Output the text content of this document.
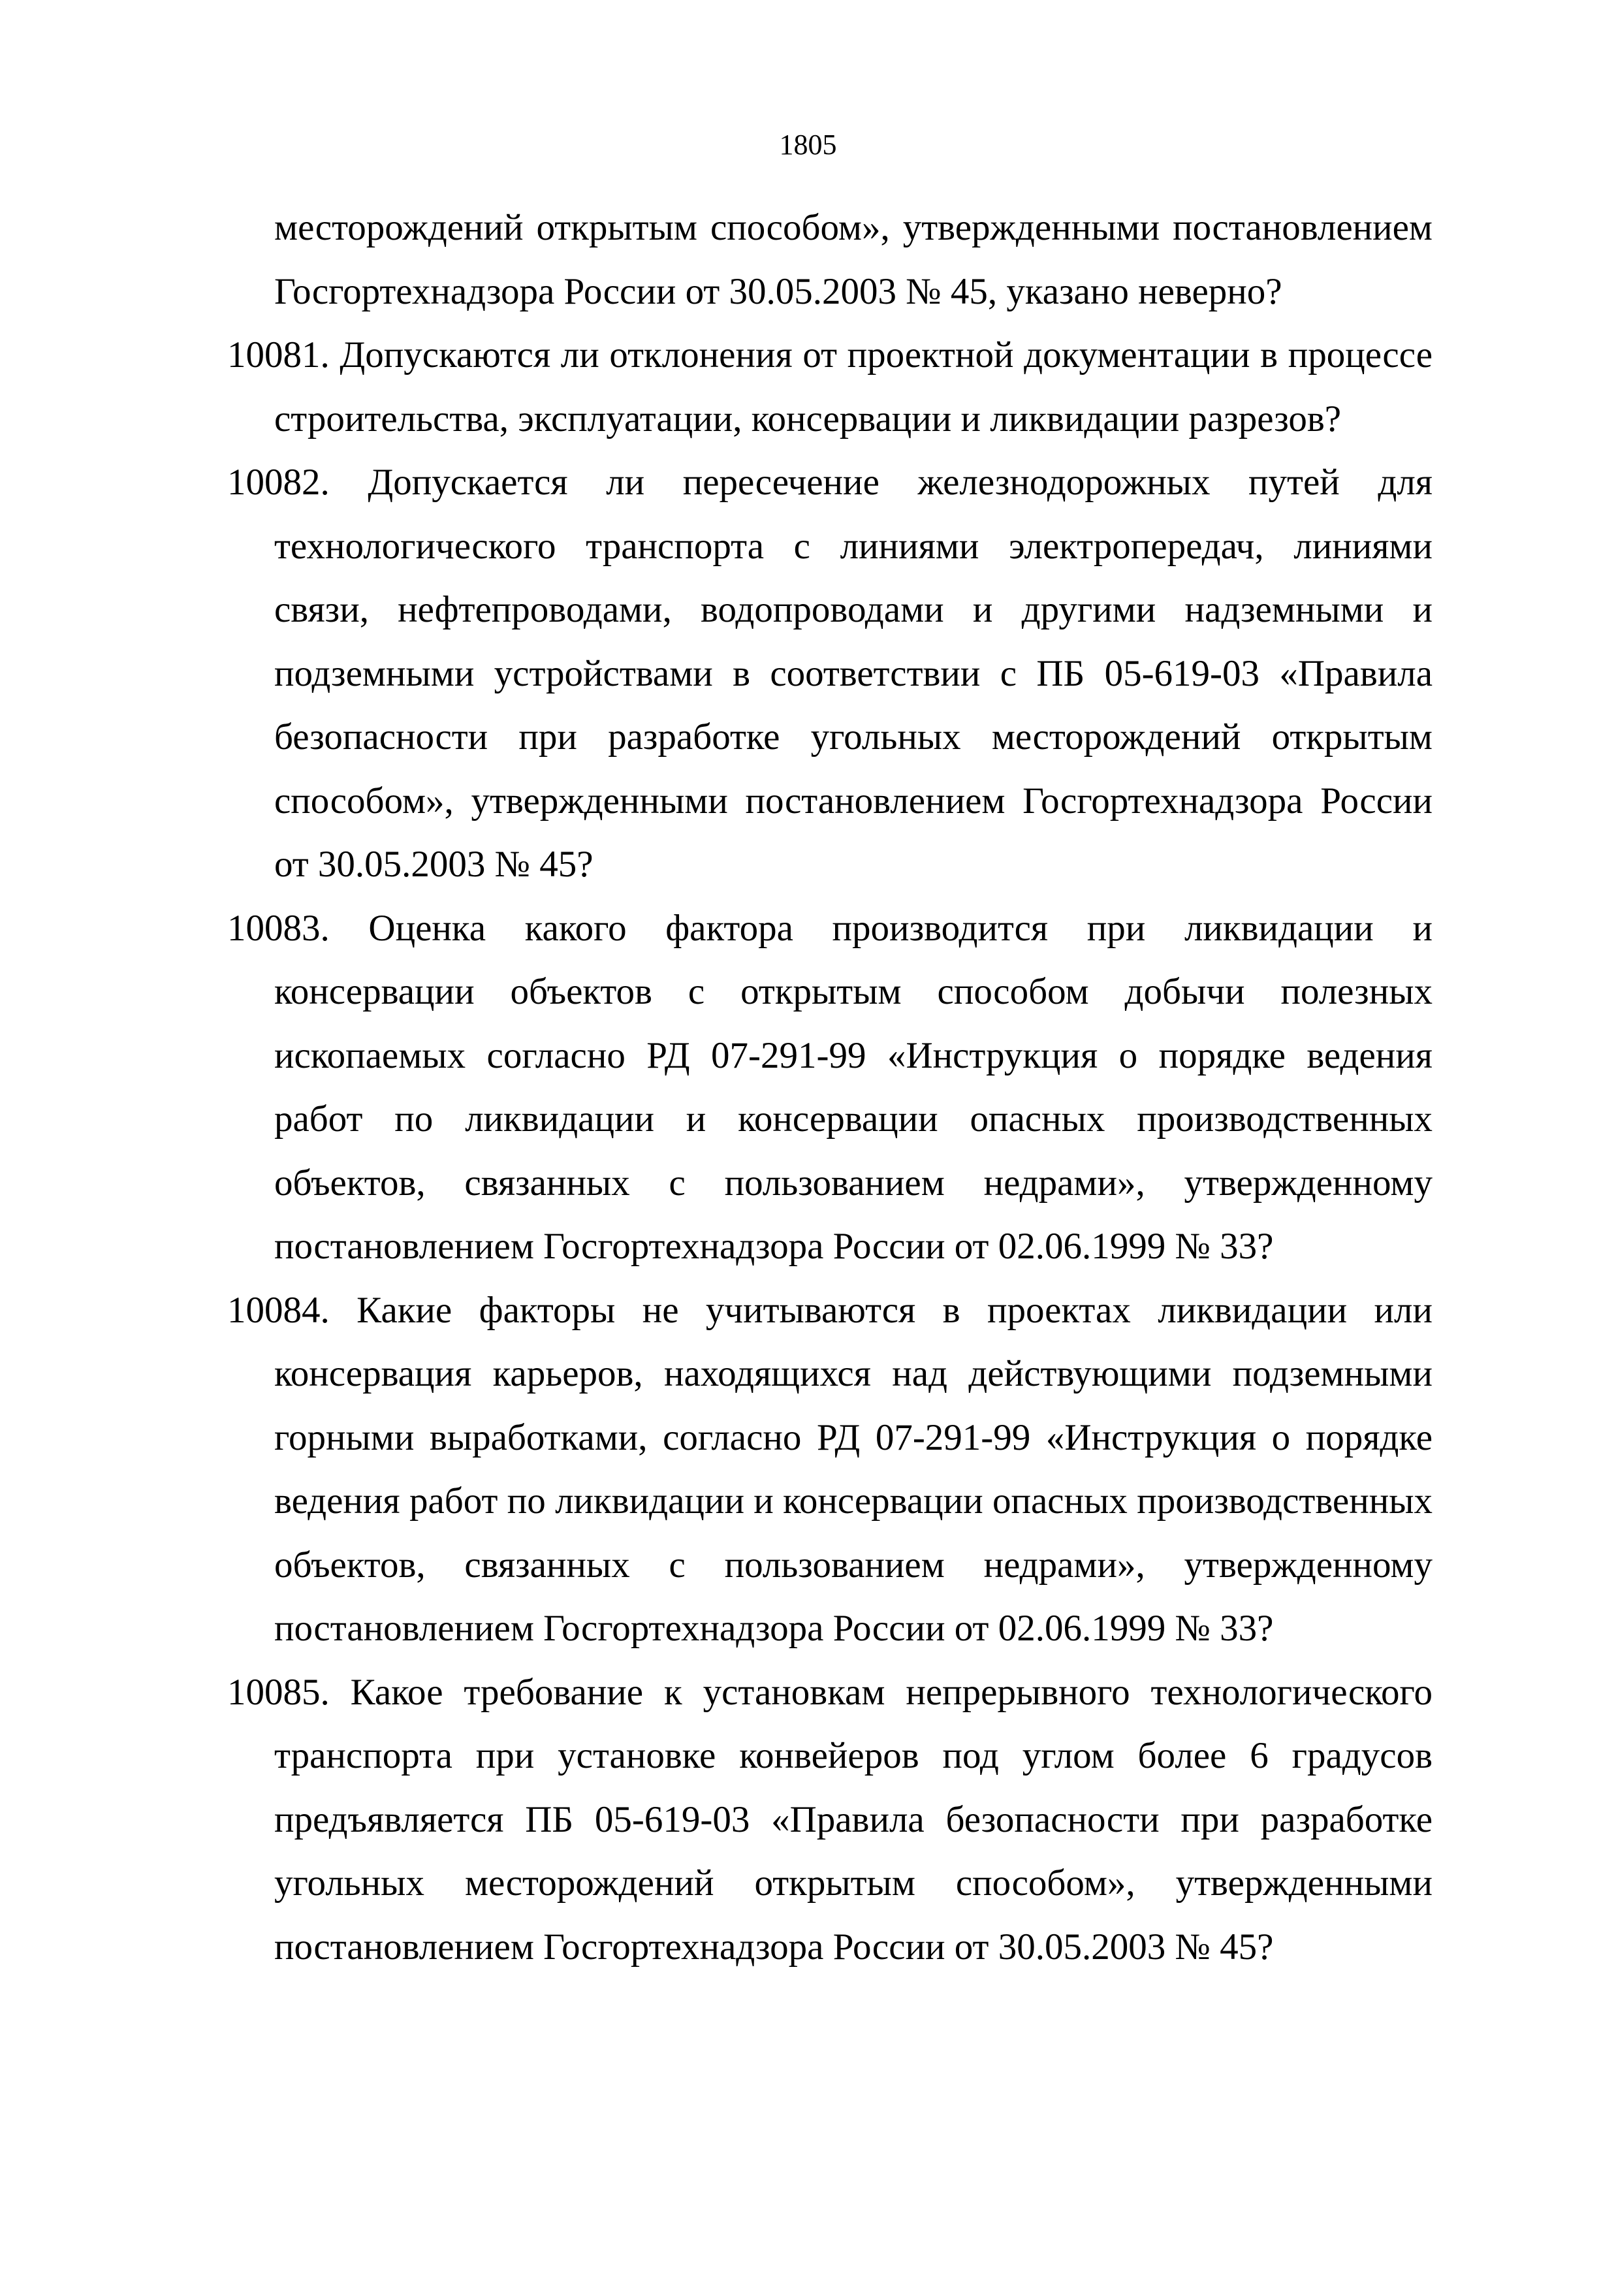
1805

месторождений открытым способом», утвержденными постановлением Госгортехнадзора России от 30.05.2003 № 45, указано неверно?

10081. Допускаются ли отклонения от проектной документации в процессе строительства, эксплуатации, консервации и ликвидации разрезов?

10082. Допускается ли пересечение железнодорожных путей для технологического транспорта с линиями электропередач, линиями связи, нефтепроводами, водопроводами и другими надземными и подземными устройствами в соответствии с ПБ 05-619-03 «Правила безопасности при разработке угольных месторождений открытым способом», утвержденными постановлением Госгортехнадзора России от 30.05.2003 № 45?

10083. Оценка какого фактора производится при ликвидации и консервации объектов с открытым способом добычи полезных ископаемых согласно РД 07-291-99 «Инструкция о порядке ведения работ по ликвидации и консервации опасных производственных объектов, связанных с пользованием недрами», утвержденному постановлением Госгортехнадзора России от 02.06.1999 № 33?

10084. Какие факторы не учитываются в проектах ликвидации или консервация карьеров, находящихся над действующими подземными горными выработками, согласно РД 07-291-99 «Инструкция о порядке ведения работ по ликвидации и консервации опасных производственных объектов, связанных с пользованием недрами», утвержденному постановлением Госгортехнадзора России от 02.06.1999 № 33?

10085. Какое требование к установкам непрерывного технологического транспорта при установке конвейеров под углом более 6 градусов предъявляется ПБ 05-619-03 «Правила безопасности при разработке угольных месторождений открытым способом», утвержденными постановлением Госгортехнадзора России от 30.05.2003 № 45?
